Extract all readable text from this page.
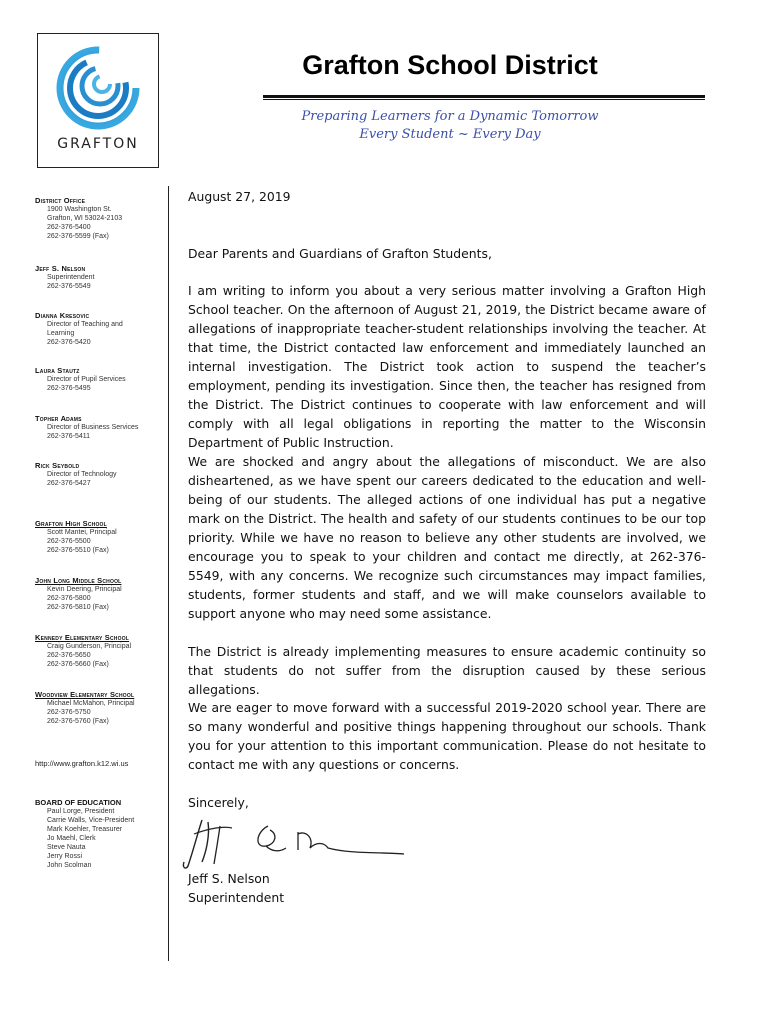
GRAFTON
Grafton School District
Preparing Learners for a Dynamic Tomorrow
Every Student ~ Every Day
District Office
1900 Washington St.
Grafton, WI 53024-2103
262-376-5400
262-376-5599 (Fax)
Jeff S. Nelson
Superintendent
262-376-5549
Dianna Kresovic
Director of Teaching and
Learning
262-376-5420
Laura Stautz
Director of Pupil Services
262-376-5495
Topher Adams
Director of Business Services
262-376-5411
Rick Seybold
Director of Technology
262-376-5427
Grafton High School
Scott Mantei, Principal
262-376-5500
262-376-5510 (Fax)
John Long Middle School
Kevin Deering, Principal
262-376-5800
262-376-5810 (Fax)
Kennedy Elementary School
Craig Gunderson, Principal
262-376-5650
262-376-5660 (Fax)
Woodview Elementary School
Michael McMahon, Principal
262-376-5750
262-376-5760 (Fax)
http://www.grafton.k12.wi.us
BOARD OF EDUCATION
Paul Lorge, President
Carrie Walls, Vice-President
Mark Koehler, Treasurer
Jo Maehl, Clerk
Steve Nauta
Jerry Rossi
John Scolman
August 27, 2019
Dear Parents and Guardians of Grafton Students,
I am writing to inform you about a very serious matter involving a Grafton High School teacher. On the afternoon of August 21, 2019, the District became aware of allegations of inappropriate teacher-student relationships involving the teacher. At that time, the District contacted law enforcement and immediately launched an internal investigation. The District took action to suspend the teacher’s employment, pending its investigation. Since then, the teacher has resigned from the District. The District continues to cooperate with law enforcement and will comply with all legal obligations in reporting the matter to the Wisconsin Department of Public Instruction.
We are shocked and angry about the allegations of misconduct. We are also disheartened, as we have spent our careers dedicated to the education and well-being of our students. The alleged actions of one individual has put a negative mark on the District. The health and safety of our students continues to be our top priority. While we have no reason to believe any other students are involved, we encourage you to speak to your children and contact me directly, at 262-376-5549, with any concerns. We recognize such circumstances may impact families, students, former students and staff, and we will make counselors available to support anyone who may need some assistance.
The District is already implementing measures to ensure academic continuity so that students do not suffer from the disruption caused by these serious allegations.
We are eager to move forward with a successful 2019-2020 school year. There are so many wonderful and positive things happening throughout our schools. Thank you for your attention to this important communication. Please do not hesitate to contact me with any questions or concerns.
Sincerely,
Jeff S. Nelson
Superintendent
